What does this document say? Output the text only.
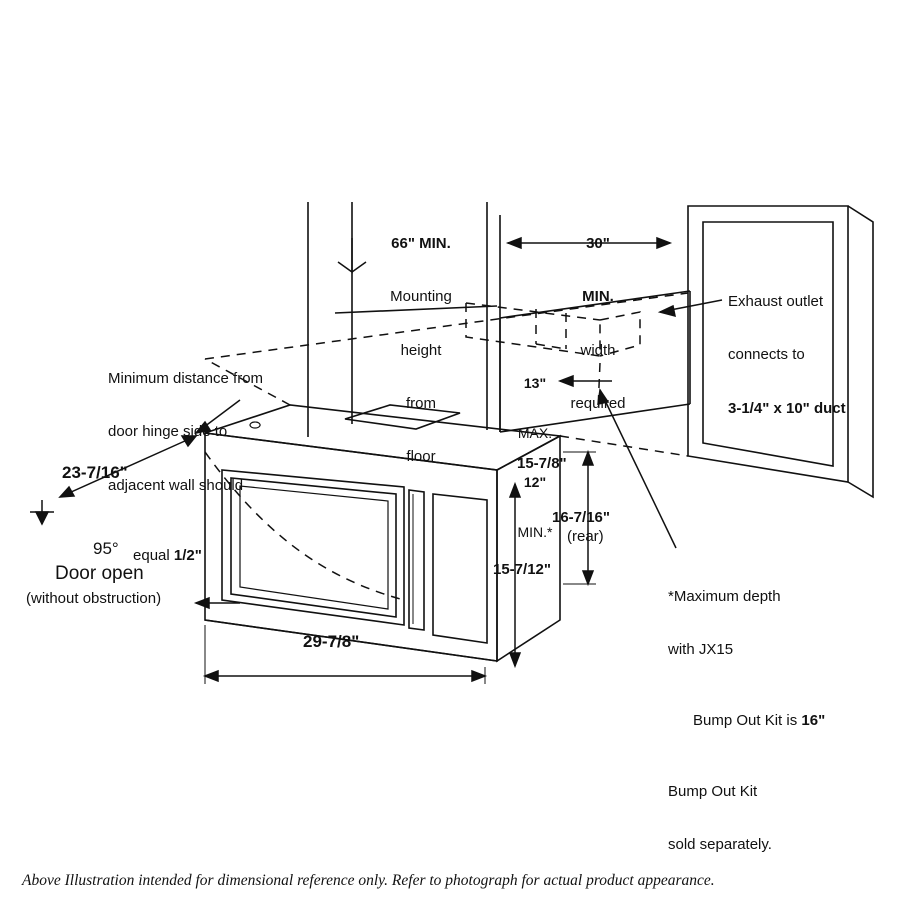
66" MIN.

Mounting

height

from

floor

30"

MIN.

width

required

Exhaust outlet

connects to

3-1/4" x 10" duct

Minimum distance from

door hinge side to

adjacent wall should

equal 1/2"

13"

MAX.

12"

MIN.*

23-7/16"	15-7/8"
16-7/16"
(rear)
15-7/12"
95°
Door open
(without obstruction)
29-7/8"

*Maximum depth

with JX15

Bump Out Kit is 16"

Bump Out Kit

sold separately.

Above Illustration intended for dimensional reference only. Refer to photograph for actual product appearance.
